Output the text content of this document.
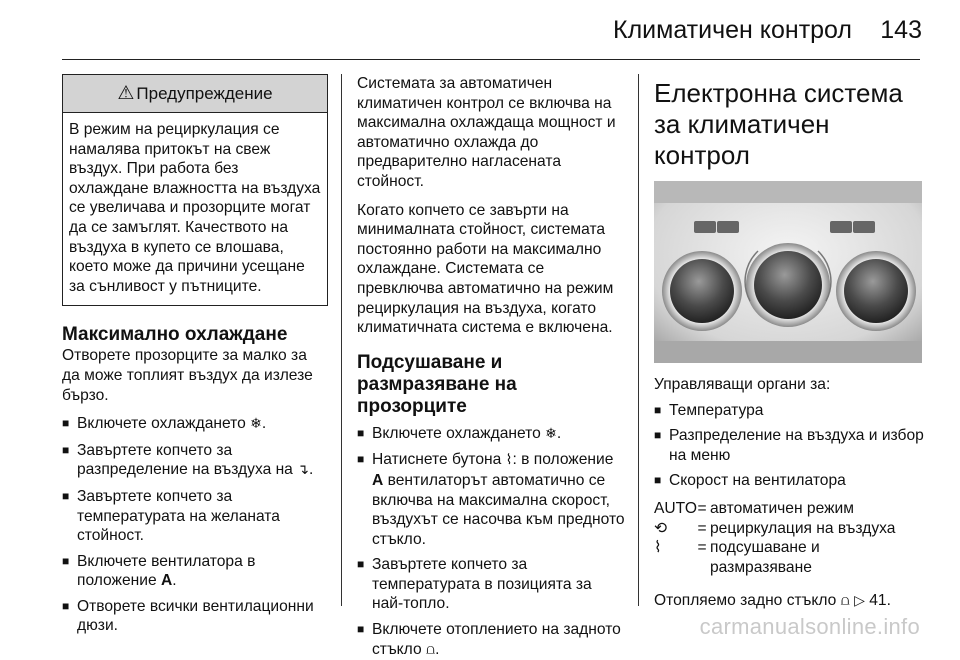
Климатичен контрол 143
⚠ Предупреждение
В режим на рециркулация се намалява притокът на свеж въздух. При работа без охлаждане влажността на въздуха се увеличава и прозорците могат да се замъглят. Качеството на въздуха в купето се влошава, което може да причини усещане за сънливост у пътниците.
Максимално охлаждане

Отворете прозорците за малко за да може топлият въздух да излезе бързо.

■ Включете охлаждането ❄.
■ Завъртете копчето за разпределение на въздуха на ↴.
■ Завъртете копчето за температурата на желаната стойност.
■ Включете вентилатора в положение A.
■ Отворете всички вентилационни дюзи.

Системата за автоматичен климатичен контрол се включва на максимална охлаждаща мощност и автоматично охлажда до предварително нагласената стойност.

Когато копчето се завърти на минималната стойност, системата постоянно работи на максимално охлаждане. Системата се превключва автоматично на режим рециркулация на въздуха, когато климатичната система е включена.

Подсушаване и размразяване на прозорците
■ Включете охлаждането ❄.
■ Натиснете бутона ⌇: в положение A вентилаторът автоматично се включва на максимална скорост, въздухът се насочва към предното стъкло.
■ Завъртете копчето за температурата в позицията за най-топло.
■ Включете отоплението на задното стъкло ⩍.
Електронна система за климатичен контрол

Управляващи органи за:

■ Температура
■ Разпределение на въздуха и избор на меню
■ Скорост на вентилатора
AUTO = автоматичен режим
⟲	= рециркулация на въздуха
⌇	= подсушаване и размразяване

Отопляемо задно стъкло ⩍ ▷ 41.

carmanualsonline.info
